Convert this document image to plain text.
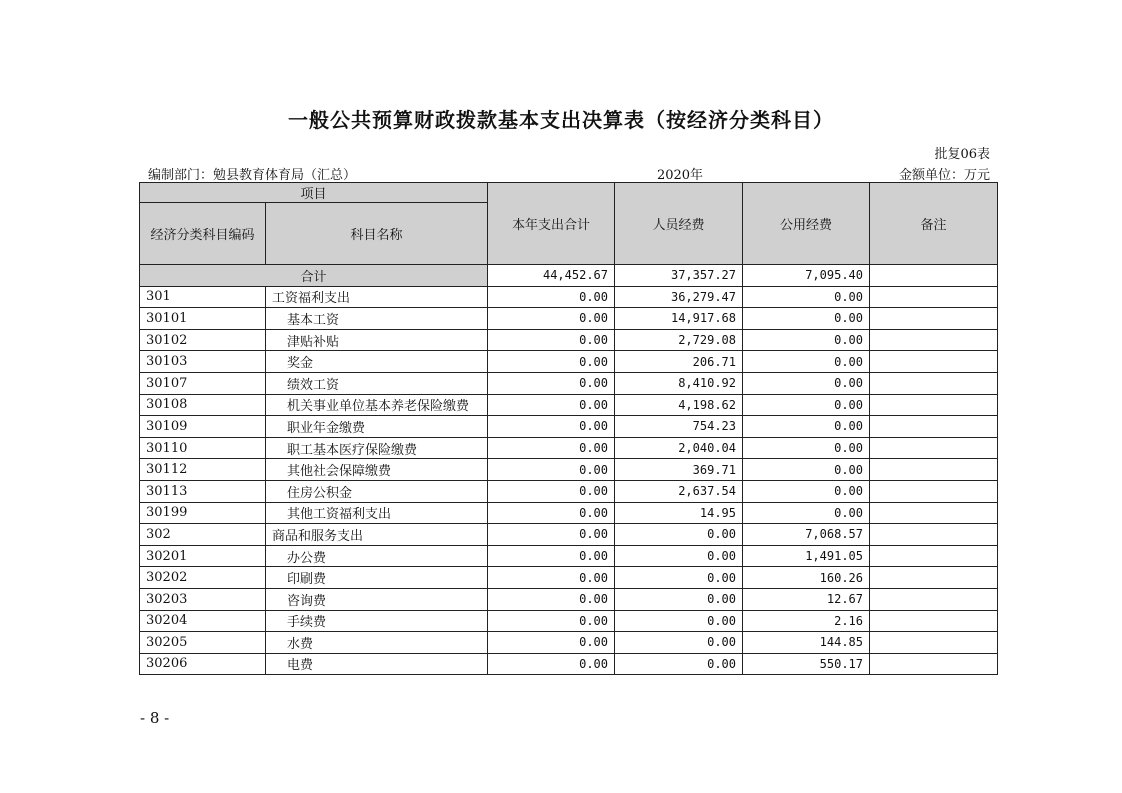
一般公共预算财政拨款基本支出决算表（按经济分类科目）
批复06表
编制部门：勉县教育体育局（汇总）	2020年	金额单位：万元
项目		本年支出合计	人员经费	公用经费	备注
经济分类科目编码	科目名称				
合计		44,452.67	37,357.27	7,095.40	
301	工资福利支出	0.00	36,279.47	0.00	
30101	基本工资	0.00	14,917.68	0.00	
30102	津贴补贴	0.00	2,729.08	0.00	
30103	奖金	0.00	206.71	0.00	
30107	绩效工资	0.00	8,410.92	0.00	
30108	机关事业单位基本养老保险缴费	0.00	4,198.62	0.00	
30109	职业年金缴费	0.00	754.23	0.00	
30110	职工基本医疗保险缴费	0.00	2,040.04	0.00	
30112	其他社会保障缴费	0.00	369.71	0.00	
30113	住房公积金	0.00	2,637.54	0.00	
30199	其他工资福利支出	0.00	14.95	0.00	
302	商品和服务支出	0.00	0.00	7,068.57	
30201	办公费	0.00	0.00	1,491.05	
30202	印刷费	0.00	0.00	160.26	
30203	咨询费	0.00	0.00	12.67	
30204	手续费	0.00	0.00	2.16	
30205	水费	0.00	0.00	144.85	
30206	电费	0.00	0.00	550.17	
- 8 -
